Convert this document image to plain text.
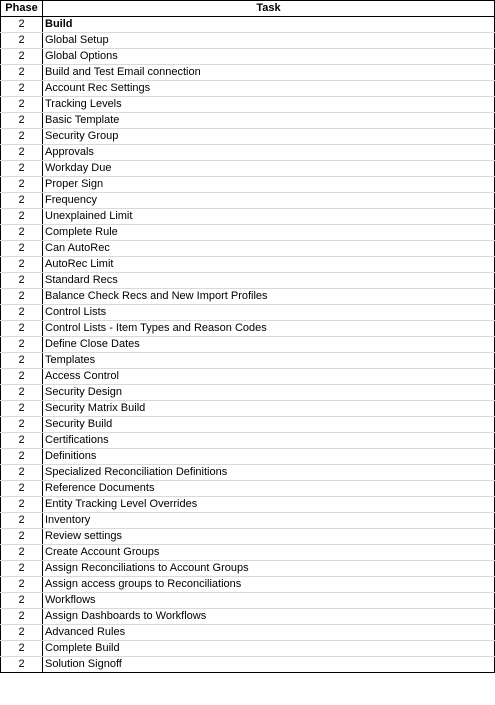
Phase	Task
2	Build
2	Global Setup
2	Global Options
2	Build and Test Email connection
2	Account Rec Settings
2	Tracking Levels
2	Basic Template
2	Security Group
2	Approvals
2	Workday Due
2	Proper Sign
2	Frequency
2	Unexplained Limit
2	Complete Rule
2	Can AutoRec
2	AutoRec Limit
2	Standard Recs
2	Balance Check Recs and New Import Profiles
2	Control Lists
2	Control Lists - Item Types and Reason Codes
2	Define Close Dates
2	Templates
2	Access Control
2	Security Design
2	Security Matrix Build
2	Security Build
2	Certifications
2	Definitions
2	Specialized Reconciliation Definitions
2	Reference Documents
2	Entity Tracking Level Overrides
2	Inventory
2	Review settings
2	Create Account Groups
2	Assign Reconciliations to Account Groups
2	Assign access groups to Reconciliations
2	Workflows
2	Assign Dashboards to Workflows
2	Advanced Rules
2	Complete Build
2	Solution Signoff
